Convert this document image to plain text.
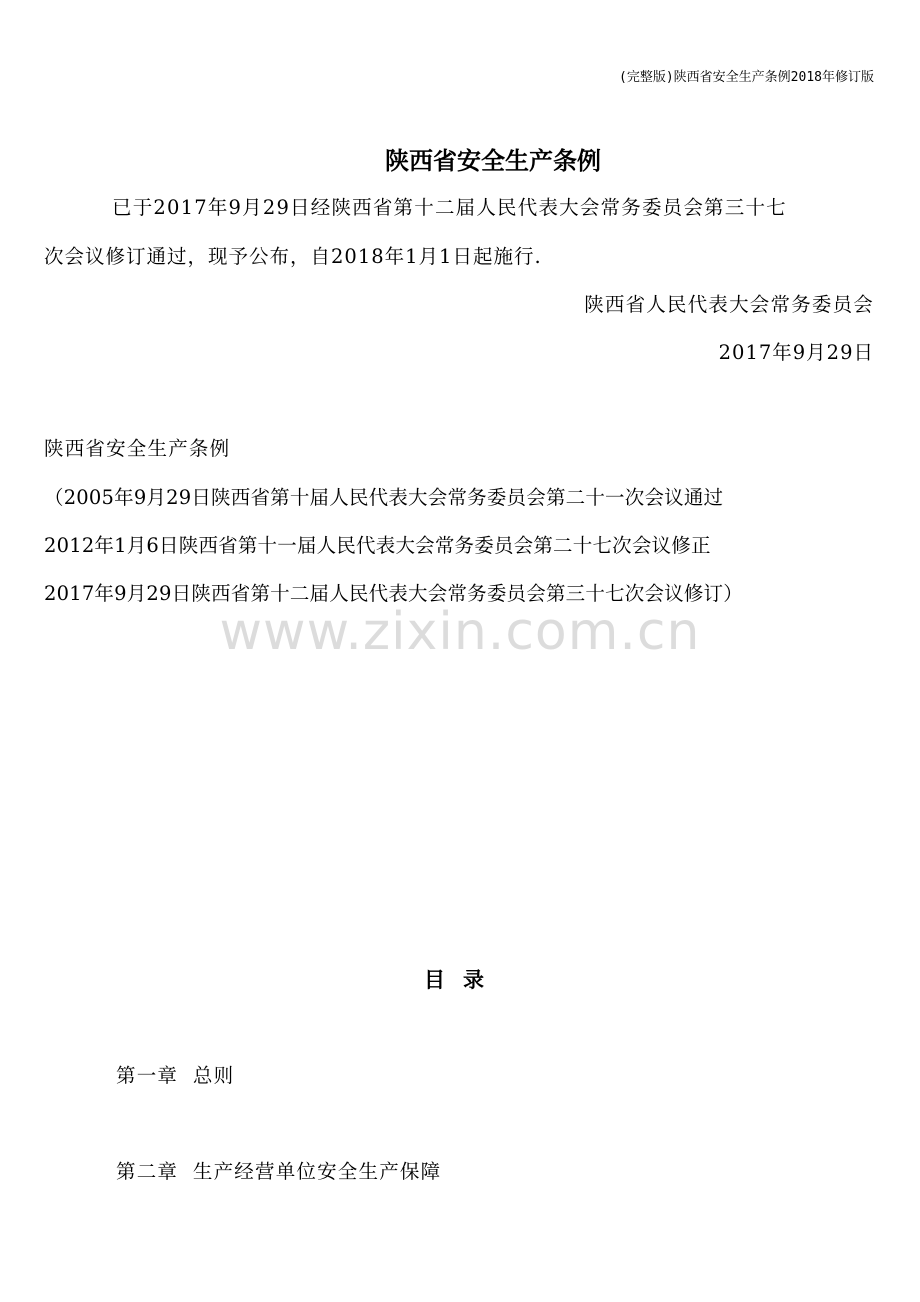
(完整版)陕西省安全生产条例2018年修订版
陕西省安全生产条例
已于2017年9月29日经陕西省第十二届人民代表大会常务委员会第三十七
次会议修订通过，现予公布，自2018年1月1日起施行.
陕西省人民代表大会常务委员会
2017年9月29日
陕西省安全生产条例
（2005年9月29日陕西省第十届人民代表大会常务委员会第二十一次会议通过
2012年1月6日陕西省第十一届人民代表大会常务委员会第二十七次会议修正
2017年9月29日陕西省第十二届人民代表大会常务委员会第三十七次会议修订）
www.zixin.com.cn
目录
第一章  总则
第二章  生产经营单位安全生产保障
